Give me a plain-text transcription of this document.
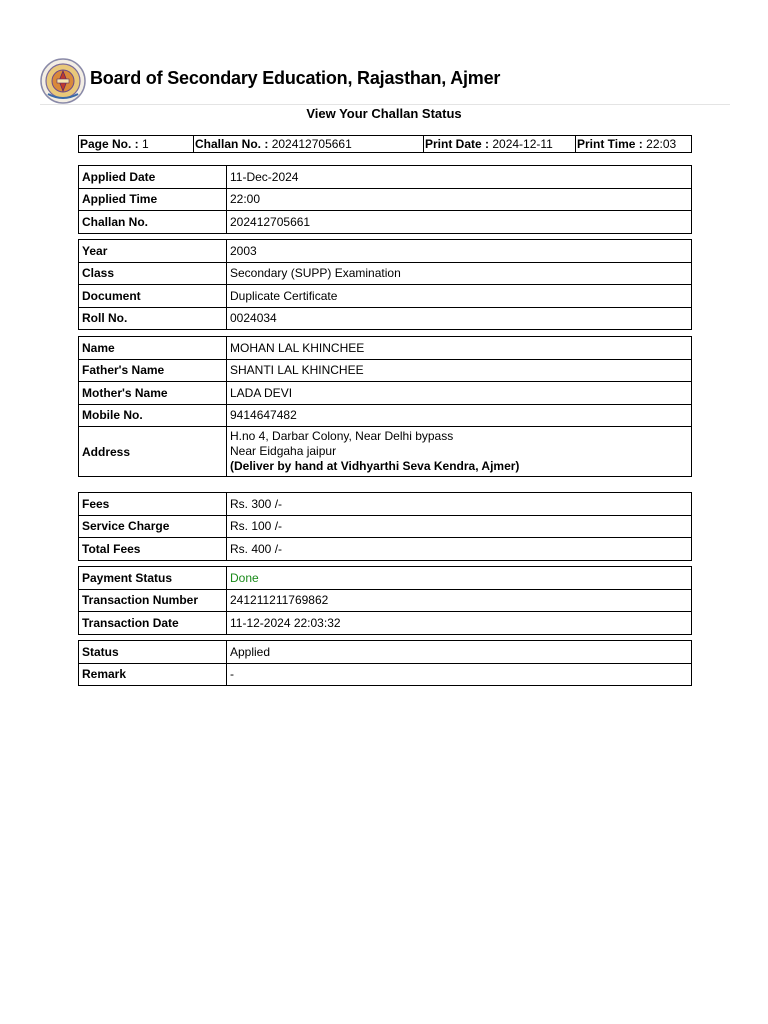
Board of Secondary Education, Rajasthan, Ajmer
View Your Challan Status
Page No. : 1	Challan No. : 202412705661	Print Date : 2024-12-11 Print Time : 22:03
Applied Date	11-Dec-2024
Applied Time	22:00
Challan No.	202412705661
Year	2003
Class	Secondary (SUPP) Examination
Document	Duplicate Certificate
Roll No.	0024034
Name	MOHAN LAL KHINCHEE
Father's Name	SHANTI LAL KHINCHEE
Mother's Name	LADA DEVI
Mobile No.	9414647482
Address	H.no 4, Darbar Colony, Near Delhi bypass
Near Eidgaha jaipur
(Deliver by hand at Vidhyarthi Seva Kendra, Ajmer)
Fees	Rs. 300 /-
Service Charge	Rs. 100 /-
Total Fees	Rs. 400 /-
Payment Status	Done
Transaction Number	241211211769862
Transaction Date	11-12-2024 22:03:32
Status	Applied
Remark	-
